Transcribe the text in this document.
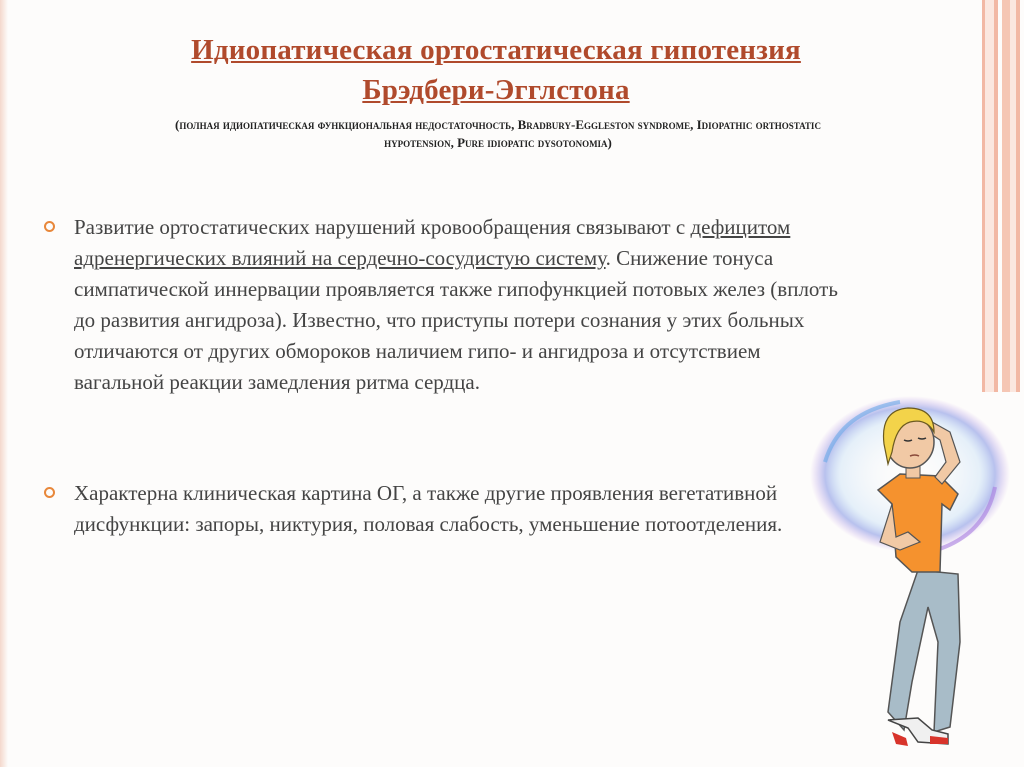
Идиопатическая ортостатическая гипотензия
Брэдбери-Эгглстона
(полная идиопатическая функциональная недостаточность, Bradbury-Eggleston syndrome, Idiopathic orthostatic
hypotension, Pure idiopatic dysotonomia)
Развитие ортостатических нарушений кровообращения связывают с дефицитом адренергических влияний на сердечно-сосудистую систему. Снижение тонуса симпатической иннервации проявляется также гипофункцией потовых желез (вплоть до развития ангидроза). Известно, что приступы потери сознания у этих больных отличаются от других обмороков наличием гипо- и ангидроза и отсутствием вагальной реакции замедления ритма сердца.
Характерна клиническая картина ОГ, а также другие проявления вегетативной дисфункции: запоры, никтурия, половая слабость, уменьшение потоотделения.
